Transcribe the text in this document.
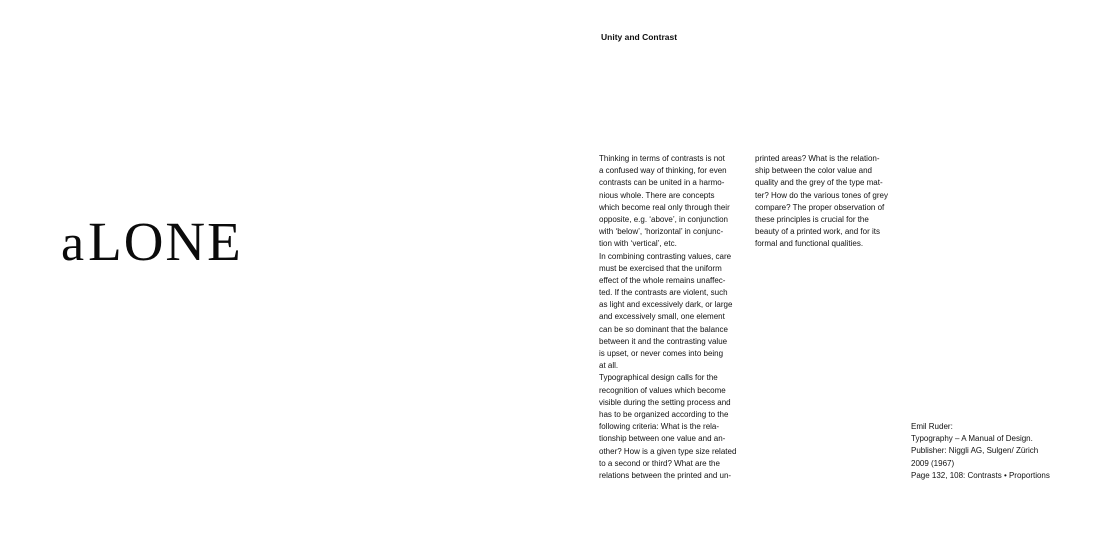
aLONE
Unity and Contrast
Thinking in terms of contrasts is not
a confused way of thinking, for even
contrasts can be united in a harmo-
nious whole. There are concepts
which become real only through their
opposite, e.g. ‘above’, in conjunction
with ‘below’, ‘horizontal’ in conjunc-
tion with ‘vertical’, etc.
In combining contrasting values, care
must be exercised that the uniform
effect of the whole remains unaffec-
ted. If the contrasts are violent, such
as light and excessively dark, or large
and excessively small, one element
can be so dominant that the balance
between it and the contrasting value
is upset, or never comes into being
at all.
Typographical design calls for the
recognition of values which become
visible during the setting process and
has to be organized according to the
following criteria: What is the rela-
tionship between one value and an-
other? How is a given type size related
to a second or third? What are the
relations between the printed and un-
printed areas? What is the relation-
ship between the color value and
quality and the grey of the type mat-
ter? How do the various tones of grey
compare? The proper observation of
these principles is crucial for the
beauty of a printed work, and for its
formal and functional qualities.
Emil Ruder:
Typography – A Manual of Design.
Publisher: Niggli AG, Sulgen/ Zürich
2009 (1967)
Page 132, 108: Contrasts • Proportions
